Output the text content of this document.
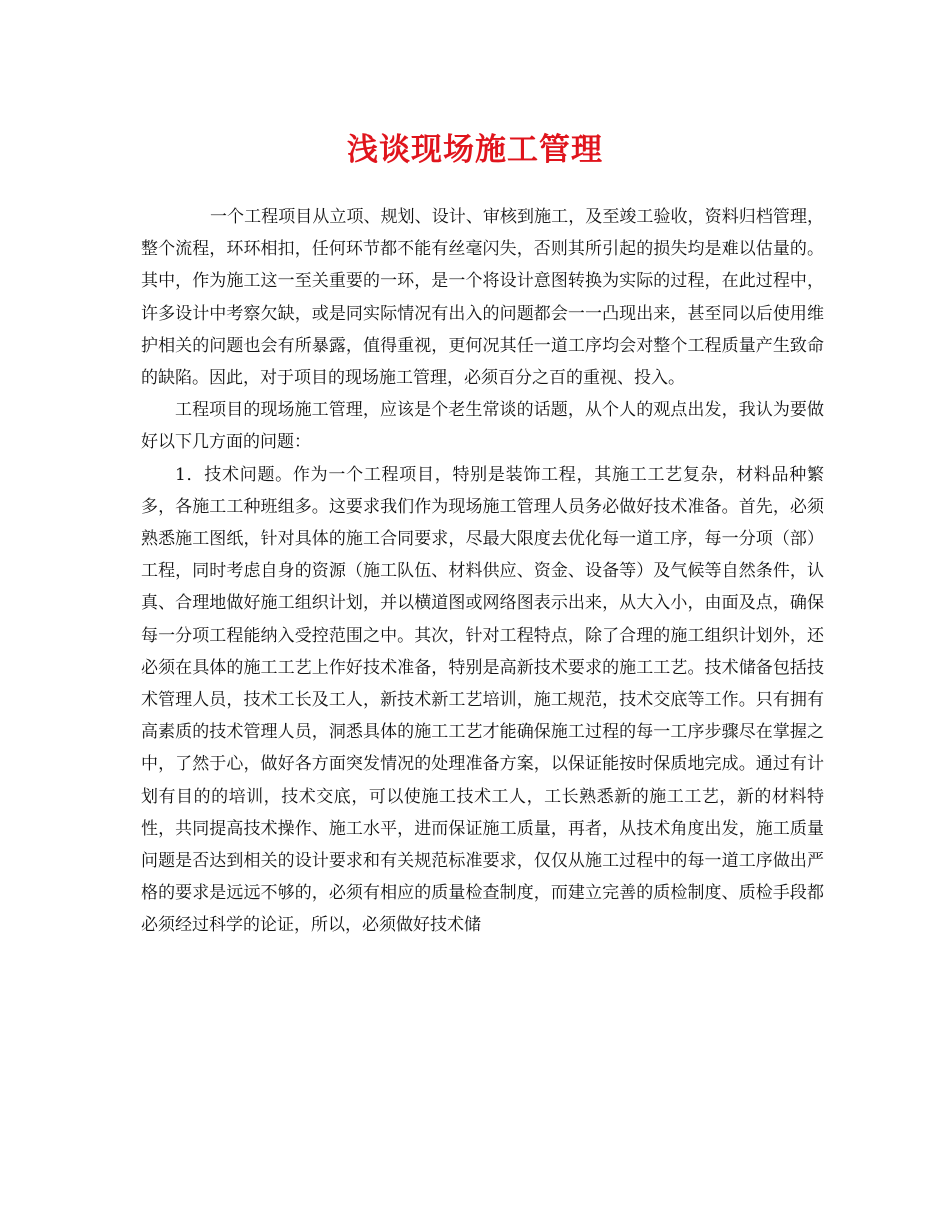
浅谈现场施工管理

一个工程项目从立项、规划、设计、审核到施工，及至竣工验收，资料归档管理，整个流程，环环相扣，任何环节都不能有丝毫闪失，否则其所引起的损失均是难以估量的。其中，作为施工这一至关重要的一环，是一个将设计意图转换为实际的过程，在此过程中，许多设计中考察欠缺，或是同实际情况有出入的问题都会一一凸现出来，甚至同以后使用维护相关的问题也会有所暴露，值得重视，更何况其任一道工序均会对整个工程质量产生致命的缺陷。因此，对于项目的现场施工管理，必须百分之百的重视、投入。

工程项目的现场施工管理，应该是个老生常谈的话题，从个人的观点出发，我认为要做好以下几方面的问题：

1．技术问题。作为一个工程项目，特别是装饰工程，其施工工艺复杂，材料品种繁多，各施工工种班组多。这要求我们作为现场施工管理人员务必做好技术准备。首先，必须熟悉施工图纸，针对具体的施工合同要求，尽最大限度去优化每一道工序，每一分项（部）工程，同时考虑自身的资源（施工队伍、材料供应、资金、设备等）及气候等自然条件，认真、合理地做好施工组织计划，并以横道图或网络图表示出来，从大入小，由面及点，确保每一分项工程能纳入受控范围之中。其次，针对工程特点，除了合理的施工组织计划外，还必须在具体的施工工艺上作好技术准备，特别是高新技术要求的施工工艺。技术储备包括技术管理人员，技术工长及工人，新技术新工艺培训，施工规范，技术交底等工作。只有拥有高素质的技术管理人员，洞悉具体的施工工艺才能确保施工过程的每一工序步骤尽在掌握之中，了然于心，做好各方面突发情况的处理准备方案，以保证能按时保质地完成。通过有计划有目的的培训，技术交底，可以使施工技术工人，工长熟悉新的施工工艺，新的材料特性，共同提高技术操作、施工水平，进而保证施工质量，再者，从技术角度出发，施工质量问题是否达到相关的设计要求和有关规范标准要求，仅仅从施工过程中的每一道工序做出严格的要求是远远不够的，必须有相应的质量检查制度，而建立完善的质检制度、质检手段都必须经过科学的论证，所以，必须做好技术储
